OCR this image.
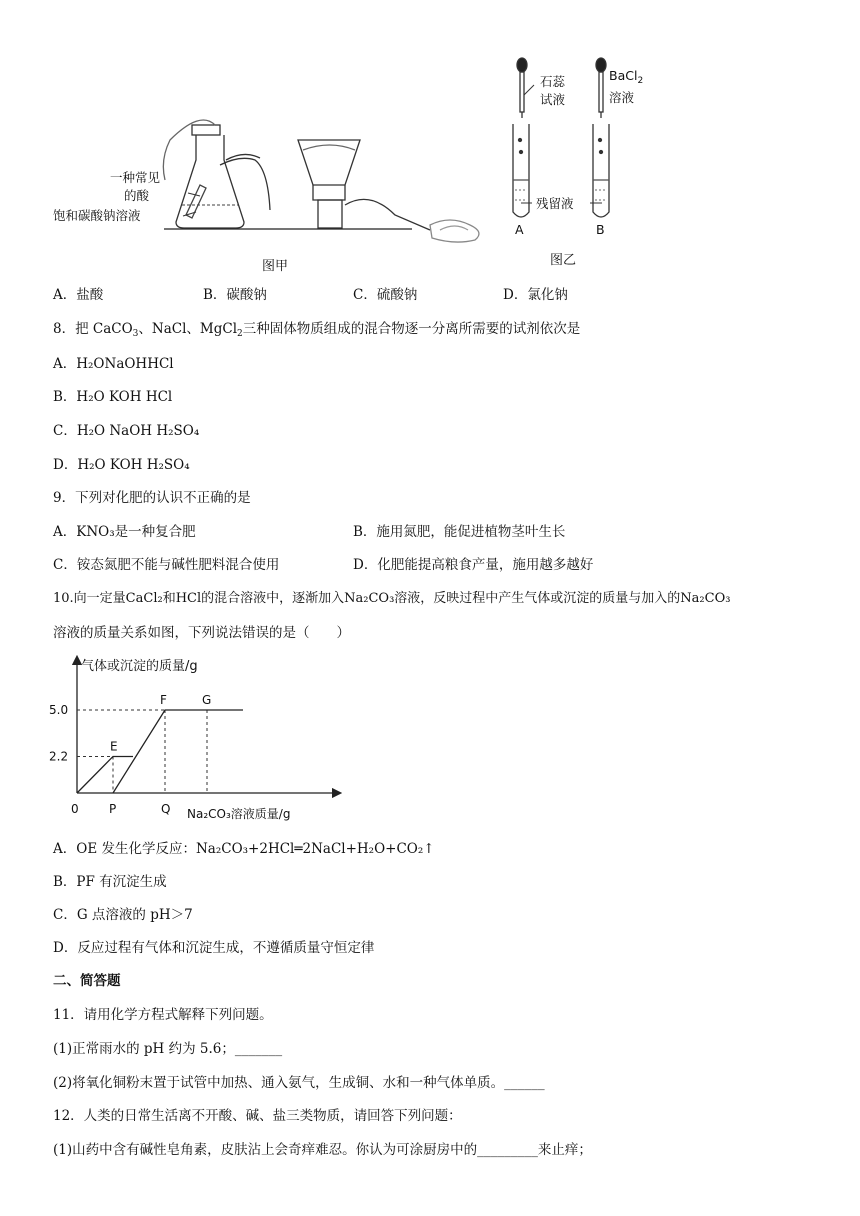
一种常见
的酸
饱和碳酸钠溶液
石蕊
试液
BaCl$_2$
溶液
残留液
A	B
图甲	图乙
A．盐酸	B．碳酸钠	C．硫酸钠	D．氯化钠
8．把 CaCO$_3$、NaCl、MgCl$_2$三种固体物质组成的混合物逐一分离所需要的试剂依次是
A．H₂ONaOHHCl
B．H₂O KOH HCl
C．H₂O NaOH H₂SO₄
D．H₂O KOH H₂SO₄
9．下列对化肥的认识不正确的是
A．KNO₃是一种复合肥	B．施用氮肥，能促进植物茎叶生长
C．铵态氮肥不能与碱性肥料混合使用	D．化肥能提高粮食产量，施用越多越好
10.向一定量CaCl₂和HCl的混合溶液中，逐渐加入Na₂CO₃溶液，反映过程中产生气体或沉淀的质量与加入的Na₂CO₃
溶液的质量关系如图，下列说法错误的是（　　）
气体或沉淀的质量/g
Na₂CO₃溶液质量/g
5.0
2.2
0	P	Q
E
F	G
A．OE 发生化学反应：Na₂CO₃+2HCl═2NaCl+H₂O+CO₂↑
B．PF 有沉淀生成
C．G 点溶液的 pH＞7
D．反应过程有气体和沉淀生成，不遵循质量守恒定律
二、简答题
11．请用化学方程式解释下列问题。
(1)正常雨水的 pH 约为 5.6；_______
(2)将氧化铜粉末置于试管中加热、通入氨气，生成铜、水和一种气体单质。______
12．人类的日常生活离不开酸、碱、盐三类物质，请回答下列问题：
(1)山药中含有碱性皂角素，皮肤沾上会奇痒难忍。你认为可涂厨房中的_________来止痒；
